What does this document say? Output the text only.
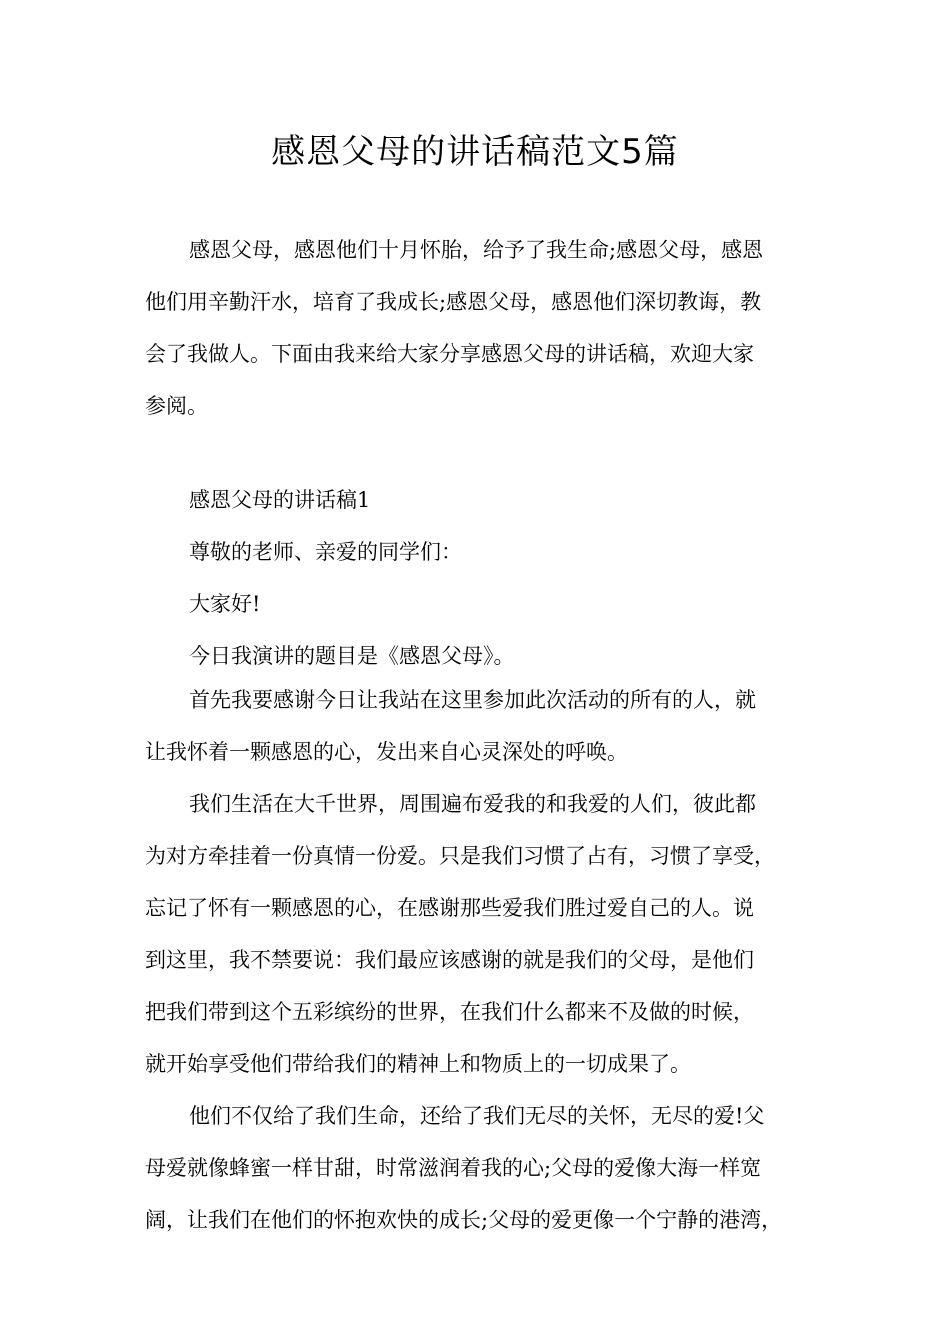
感恩父母的讲话稿范文5篇

感恩父母，感恩他们十月怀胎，给予了我生命;感恩父母，感恩
他们用辛勤汗水，培育了我成长;感恩父母，感恩他们深切教诲，教
会了我做人。下面由我来给大家分享感恩父母的讲话稿，欢迎大家
参阅。

感恩父母的讲话稿1

尊敬的老师、亲爱的同学们：

大家好!

今日我演讲的题目是《感恩父母》。

首先我要感谢今日让我站在这里参加此次活动的所有的人，就
让我怀着一颗感恩的心，发出来自心灵深处的呼唤。

我们生活在大千世界，周围遍布爱我的和我爱的人们，彼此都
为对方牵挂着一份真情一份爱。只是我们习惯了占有，习惯了享受，
忘记了怀有一颗感恩的心，在感谢那些爱我们胜过爱自己的人。说
到这里，我不禁要说：我们最应该感谢的就是我们的父母，是他们
把我们带到这个五彩缤纷的世界，在我们什么都来不及做的时候，
就开始享受他们带给我们的精神上和物质上的一切成果了。

他们不仅给了我们生命，还给了我们无尽的关怀，无尽的爱!父
母爱就像蜂蜜一样甘甜，时常滋润着我的心;父母的爱像大海一样宽
阔，让我们在他们的怀抱欢快的成长;父母的爱更像一个宁静的港湾，
